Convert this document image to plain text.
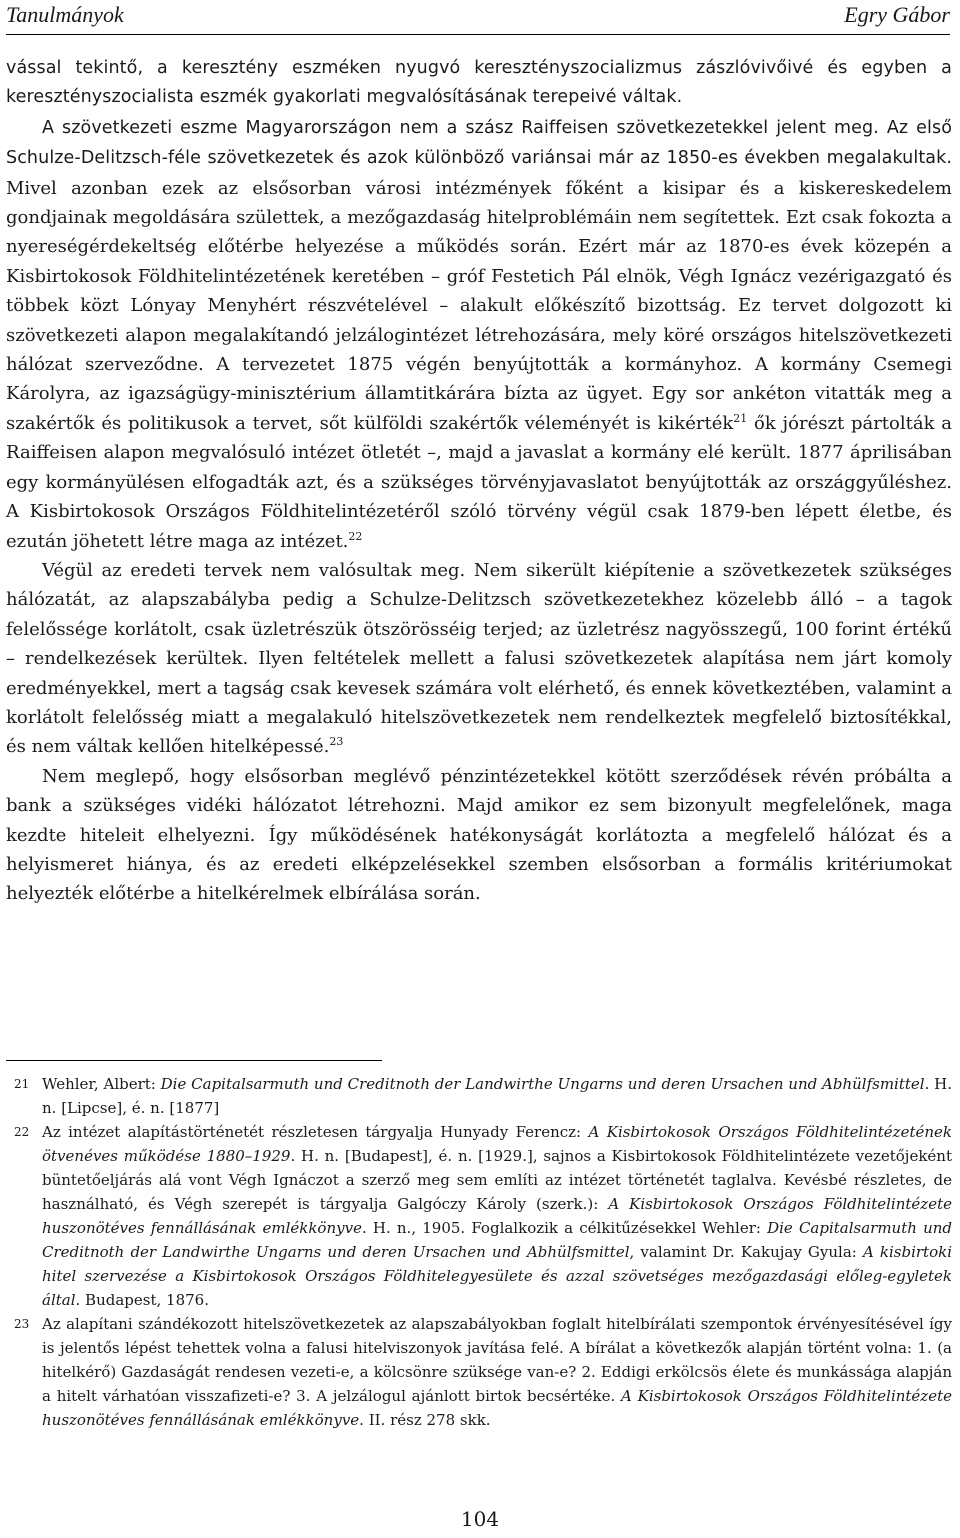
Tanulmányok	Egry Gábor

vással tekintő, a keresztény eszméken nyugvó keresztényszocializmus zászlóvivőivé és egyben a keresztényszocialista eszmék gyakorlati megvalósításának terepeivé váltak.

A szövetkezeti eszme Magyarországon nem a szász Raiffeisen szövetkezetekkel jelent meg. Az első Schulze-Delitzsch-féle szövetkezetek és azok különböző variánsai már az 1850-es években megalakultak. Mivel azonban ezek az elsősorban városi intézmények főként a kisipar és a kiskereskedelem gondjainak megoldására születtek, a mezőgazdaság hitelproblémáin nem segítettek. Ezt csak fokozta a nyereségérdekeltség előtérbe helyezése a működés során. Ezért már az 1870-es évek közepén a Kisbirtokosok Földhitelintézetének keretében – gróf Festetich Pál elnök, Végh Ignácz vezérigazgató és többek közt Lónyay Menyhért részvételével – alakult előkészítő bizottság. Ez tervet dolgozott ki szövetkezeti alapon megalakítandó jelzálogintézet létrehozására, mely köré országos hitelszövetkezeti hálózat szerveződne. A tervezetet 1875 végén benyújtották a kormányhoz. A kormány Csemegi Károlyra, az igazságügy-minisztérium államtitkárára bízta az ügyet. Egy sor ankéton vitatták meg a szakértők és politikusok a tervet, sőt külföldi szakértők véleményét is kikérték$^{21}$ ők jórészt pártolták a Raiffeisen alapon megvalósuló intézet ötletét –, majd a javaslat a kormány elé került. 1877 áprilisában egy kormányülésen elfogadták azt, és a szükséges törvényjavaslatot benyújtották az országgyűléshez. A Kisbirtokosok Országos Földhitelintézetéről szóló törvény végül csak 1879-ben lépett életbe, és ezután jöhetett létre maga az intézet.$^{22}$

Végül az eredeti tervek nem valósultak meg. Nem sikerült kiépítenie a szövetkezetek szükséges hálózatát, az alapszabályba pedig a Schulze-Delitzsch szövetkezetekhez közelebb álló – a tagok felelőssége korlátolt, csak üzletrészük ötszörösséig terjed; az üzletrész nagyösszegű, 100 forint értékű – rendelkezések kerültek. Ilyen feltételek mellett a falusi szövetkezetek alapítása nem járt komoly eredményekkel, mert a tagság csak kevesek számára volt elérhető, és ennek következtében, valamint a korlátolt felelősség miatt a megalakuló hitelszövetkezetek nem rendelkeztek megfelelő biztosítékkal, és nem váltak kellően hitelképessé.$^{23}$

Nem meglepő, hogy elsősorban meglévő pénzintézetekkel kötött szerződések révén próbálta a bank a szükséges vidéki hálózatot létrehozni. Majd amikor ez sem bizonyult megfelelőnek, maga kezdte hiteleit elhelyezni. Így működésének hatékonyságát korlátozta a megfelelő hálózat és a helyismeret hiánya, és az eredeti elképzelésekkel szemben elsősorban a formális kritériumokat helyezték előtérbe a hitelkérelmek elbírálása során.

21 Wehler, Albert: Die Capitalsarmuth und Creditnoth der Landwirthe Ungarns und deren Ursachen und Abhülfsmittel. H. n. [Lipcse], é. n. [1877]
22 Az intézet alapítástörténetét részletesen tárgyalja Hunyady Ferencz: A Kisbirtokosok Országos Földhitelintézetének ötvenéves működése 1880–1929. H. n. [Budapest], é. n. [1929.], sajnos a Kisbirtokosok Földhitelintézete vezetőjeként büntetőeljárás alá vont Végh Ignáczot a szerző meg sem említi az intézet történetét taglalva. Kevésbé részletes, de használható, és Végh szerepét is tárgyalja Galgóczy Károly (szerk.): A Kisbirtokosok Országos Földhitelintézete huszonötéves fennállásának emlékkönyve. H. n., 1905. Foglalkozik a célkitűzésekkel Wehler: Die Capitalsarmuth und Creditnoth der Landwirthe Ungarns und deren Ursachen und Abhülfsmittel, valamint Dr. Kakujay Gyula: A kisbirtoki hitel szervezése a Kisbirtokosok Országos Földhitelegyesülete és azzal szövetséges mezőgazdasági előleg-egyletek által. Budapest, 1876.
23 Az alapítani szándékozott hitelszövetkezetek az alapszabályokban foglalt hitelbírálati szempontok érvényesítésével így is jelentős lépést tehettek volna a falusi hitelviszonyok javítása felé. A bírálat a következők alapján történt volna: 1. (a hitelkérő) Gazdaságát rendesen vezeti-e, a kölcsönre szüksége van-e? 2. Eddigi erkölcsös élete és munkássága alapján a hitelt várhatóan visszafizeti-e? 3. A jelzálogul ajánlott birtok becsértéke. A Kisbirtokosok Országos Földhitelintézete huszonötéves fennállásának emlékkönyve. II. rész 278 skk.
104
